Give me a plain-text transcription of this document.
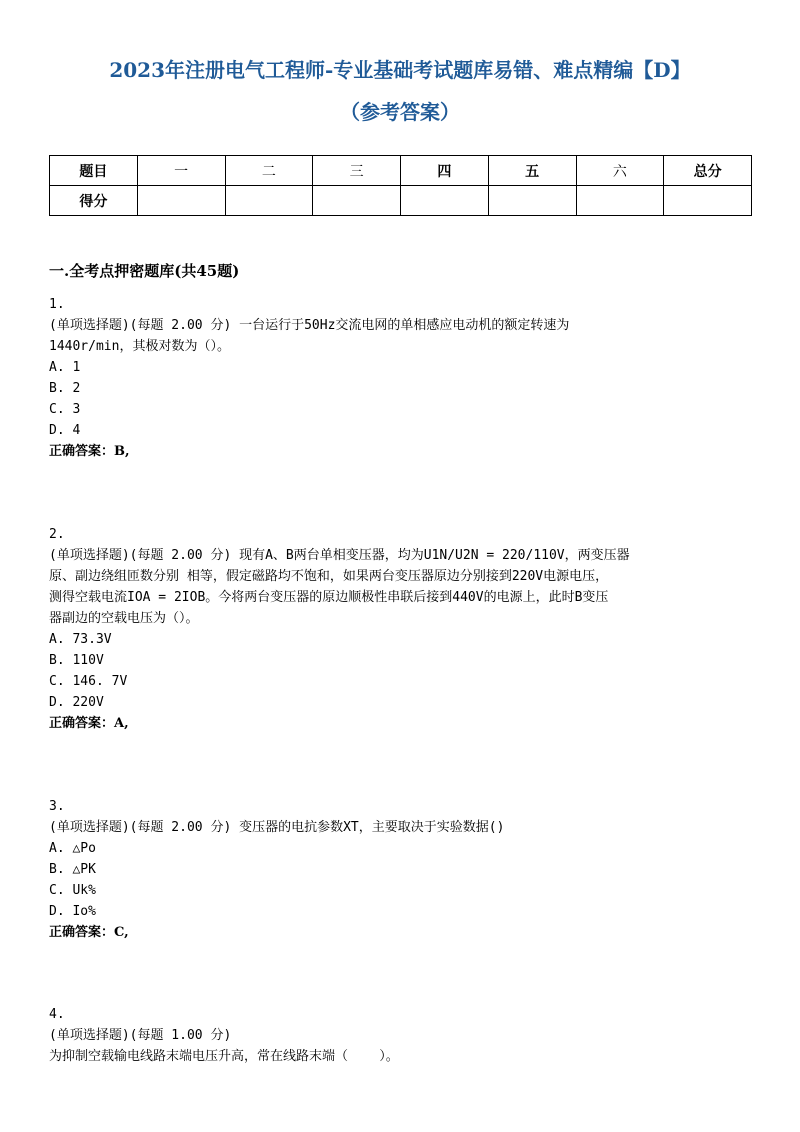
2023年注册电气工程师-专业基础考试题库易错、难点精编【D】
（参考答案）
题目	一	二	三	四	五	六	总分
得分							
一.全考点押密题库(共45题)
1.
(单项选择题)(每题 2.00 分) 一台运行于50Hz交流电网的单相感应电动机的额定转速为
1440r/min，其极对数为（）。
A. 1
B. 2
C. 3
D. 4
正确答案：B,
2.
(单项选择题)(每题 2.00 分) 现有A、B两台单相变压器，均为U1N/U2N = 220/110V，两变压器
原、副边绕组匝数分别 相等，假定磁路均不饱和，如果两台变压器原边分别接到220V电源电压，
测得空载电流IOA = 2IOB。今将两台变压器的原边顺极性串联后接到440V的电源上，此时B变压
器副边的空载电压为（）。
A. 73.3V
B. 110V
C. 146. 7V
D. 220V
正确答案：A,
3.
(单项选择题)(每题 2.00 分) 变压器的电抗参数XT，主要取决于实验数据()
A. △Po
B. △PK
C. Uk%
D. Io%
正确答案：C,
4.
(单项选择题)(每题 1.00 分)
为抑制空载输电线路末端电压升高，常在线路末端（    ）。
